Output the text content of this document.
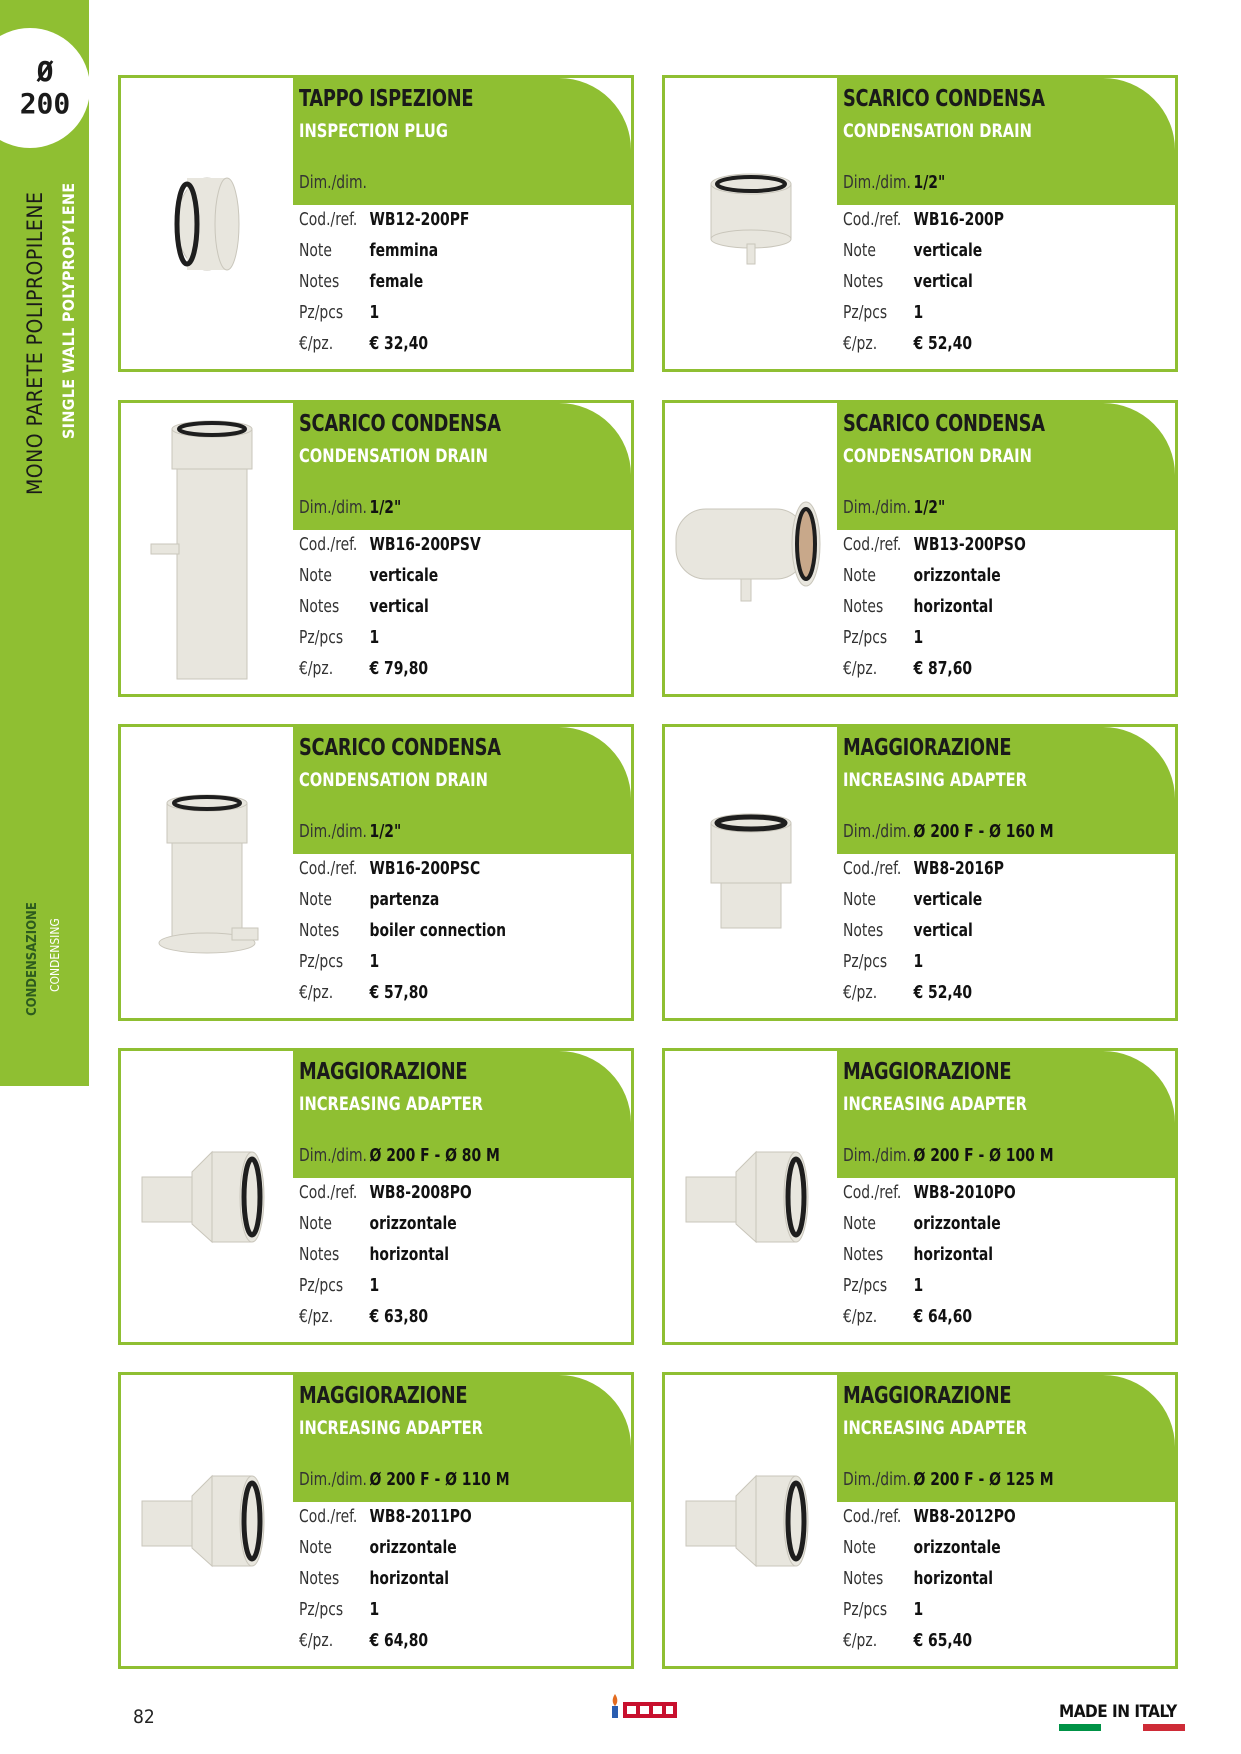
Ø
200
MONO PARETE POLIPROPILENE SINGLE WALL POLYPROPYLENE
CONDENSAZIONE CONDENSING
TAPPO ISPEZIONE
INSPECTION PLUG
Dim./dim.
Cod./ref. WB12-200PF
Note femmina
Notes female
Pz/pcs 1
€/pz. € 32,40
SCARICO CONDENSA
CONDENSATION DRAIN
Dim./dim. 1/2"
Cod./ref. WB16-200P
Note verticale
Notes vertical
Pz/pcs 1
€/pz. € 52,40
SCARICO CONDENSA
CONDENSATION DRAIN
Dim./dim. 1/2"
Cod./ref. WB16-200PSV
Note verticale
Notes vertical
Pz/pcs 1
€/pz. € 79,80
SCARICO CONDENSA
CONDENSATION DRAIN
Dim./dim. 1/2"
Cod./ref. WB13-200PSO
Note orizzontale
Notes horizontal
Pz/pcs 1
€/pz. € 87,60
SCARICO CONDENSA
CONDENSATION DRAIN
Dim./dim. 1/2"
Cod./ref. WB16-200PSC
Note partenza
Notes boiler connection
Pz/pcs 1
€/pz. € 57,80
MAGGIORAZIONE
INCREASING ADAPTER
Dim./dim. Ø 200 F - Ø 160 M
Cod./ref. WB8-2016P
Note verticale
Notes vertical
Pz/pcs 1
€/pz. € 52,40
MAGGIORAZIONE
INCREASING ADAPTER
Dim./dim. Ø 200 F - Ø 80 M
Cod./ref. WB8-2008PO
Note orizzontale
Notes horizontal
Pz/pcs 1
€/pz. € 63,80
MAGGIORAZIONE
INCREASING ADAPTER
Dim./dim. Ø 200 F - Ø 100 M
Cod./ref. WB8-2010PO
Note orizzontale
Notes horizontal
Pz/pcs 1
€/pz. € 64,60
MAGGIORAZIONE
INCREASING ADAPTER
Dim./dim. Ø 200 F - Ø 110 M
Cod./ref. WB8-2011PO
Note orizzontale
Notes horizontal
Pz/pcs 1
€/pz. € 64,80
MAGGIORAZIONE
INCREASING ADAPTER
Dim./dim. Ø 200 F - Ø 125 M
Cod./ref. WB8-2012PO
Note orizzontale
Notes horizontal
Pz/pcs 1
€/pz. € 65,40
82	MADE IN ITALY
